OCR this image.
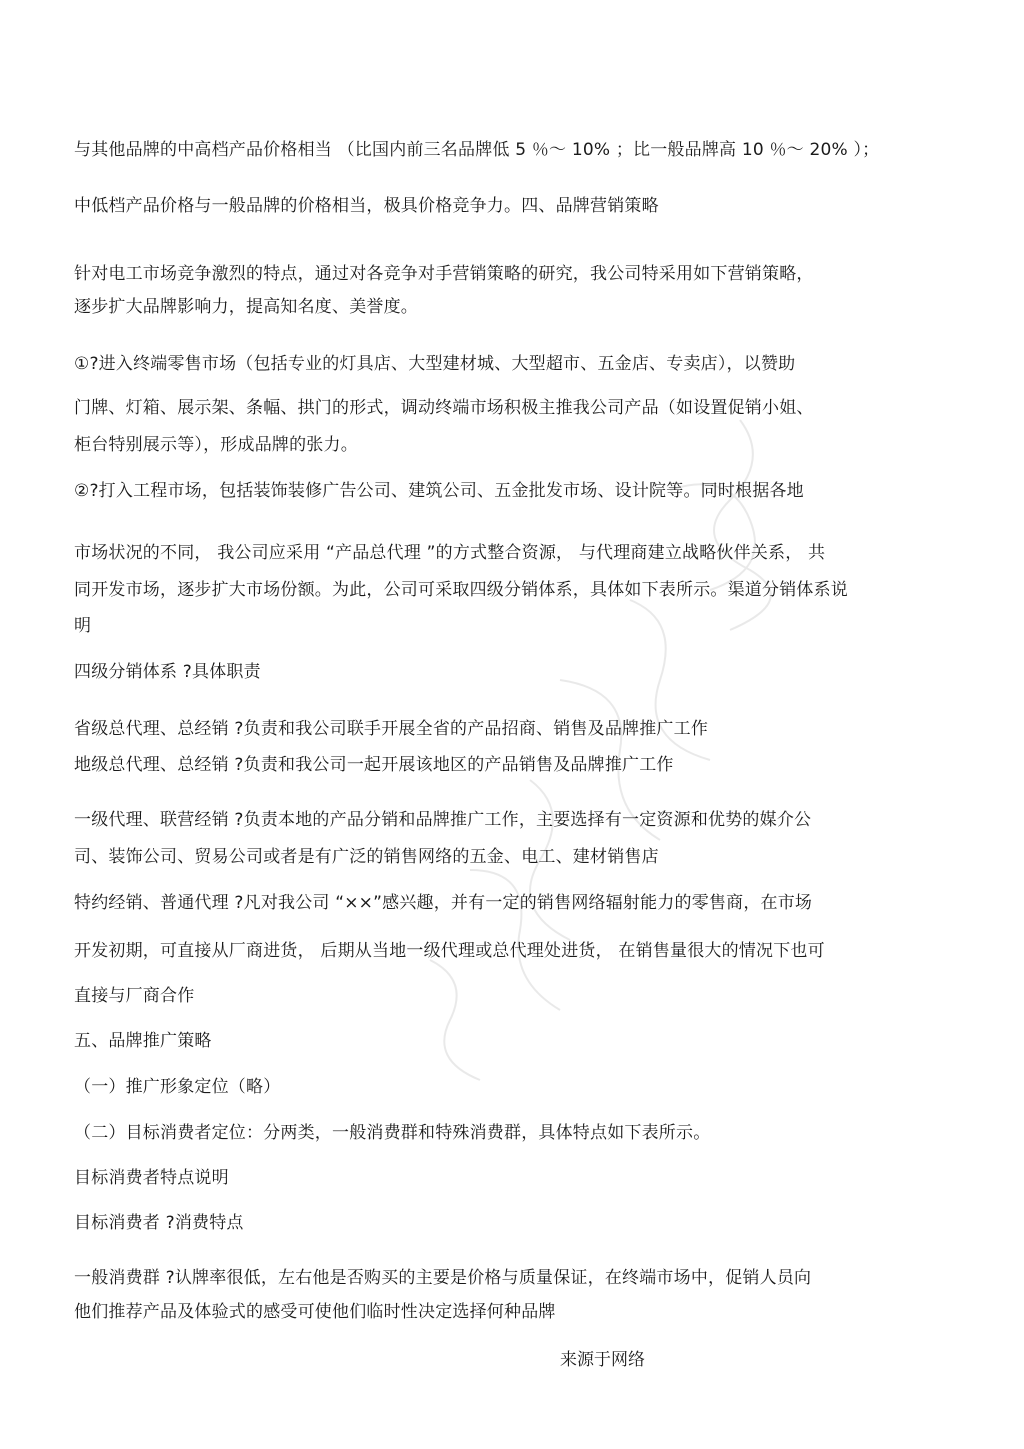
与其他品牌的中高档产品价格相当 （比国内前三名品牌低 5 ％～ 10% ；比一般品牌高 10 ％～ 20% ）；
中低档产品价格与一般品牌的价格相当，极具价格竞争力。四、品牌营销策略
针对电工市场竞争激烈的特点，通过对各竞争对手营销策略的研究，我公司特采用如下营销策略，
逐步扩大品牌影响力，提高知名度、美誉度。
①?进入终端零售市场（包括专业的灯具店、大型建材城、大型超市、五金店、专卖店），以赞助
门牌、灯箱、展示架、条幅、拱门的形式，调动终端市场积极主推我公司产品（如设置促销小姐、
柜台特别展示等），形成品牌的张力。
②?打入工程市场，包括装饰装修广告公司、建筑公司、五金批发市场、设计院等。同时根据各地
市场状况的不同， 我公司应采用 “产品总代理 ”的方式整合资源， 与代理商建立战略伙伴关系， 共
同开发市场，逐步扩大市场份额。为此，公司可采取四级分销体系，具体如下表所示。渠道分销体系说
明
四级分销体系 ?具体职责
省级总代理、总经销 ?负责和我公司联手开展全省的产品招商、销售及品牌推广工作
地级总代理、总经销 ?负责和我公司一起开展该地区的产品销售及品牌推广工作
一级代理、联营经销 ?负责本地的产品分销和品牌推广工作，主要选择有一定资源和优势的媒介公
司、装饰公司、贸易公司或者是有广泛的销售网络的五金、电工、建材销售店
特约经销、普通代理 ?凡对我公司 “××”感兴趣，并有一定的销售网络辐射能力的零售商，在市场
开发初期，可直接从厂商进货， 后期从当地一级代理或总代理处进货， 在销售量很大的情况下也可
直接与厂商合作
五、品牌推广策略
（一）推广形象定位（略）
（二）目标消费者定位：分两类，一般消费群和特殊消费群，具体特点如下表所示。
目标消费者特点说明
目标消费者 ?消费特点
一般消费群 ?认牌率很低，左右他是否购买的主要是价格与质量保证，在终端市场中，促销人员向
他们推荐产品及体验式的感受可使他们临时性决定选择何种品牌
来源于网络
